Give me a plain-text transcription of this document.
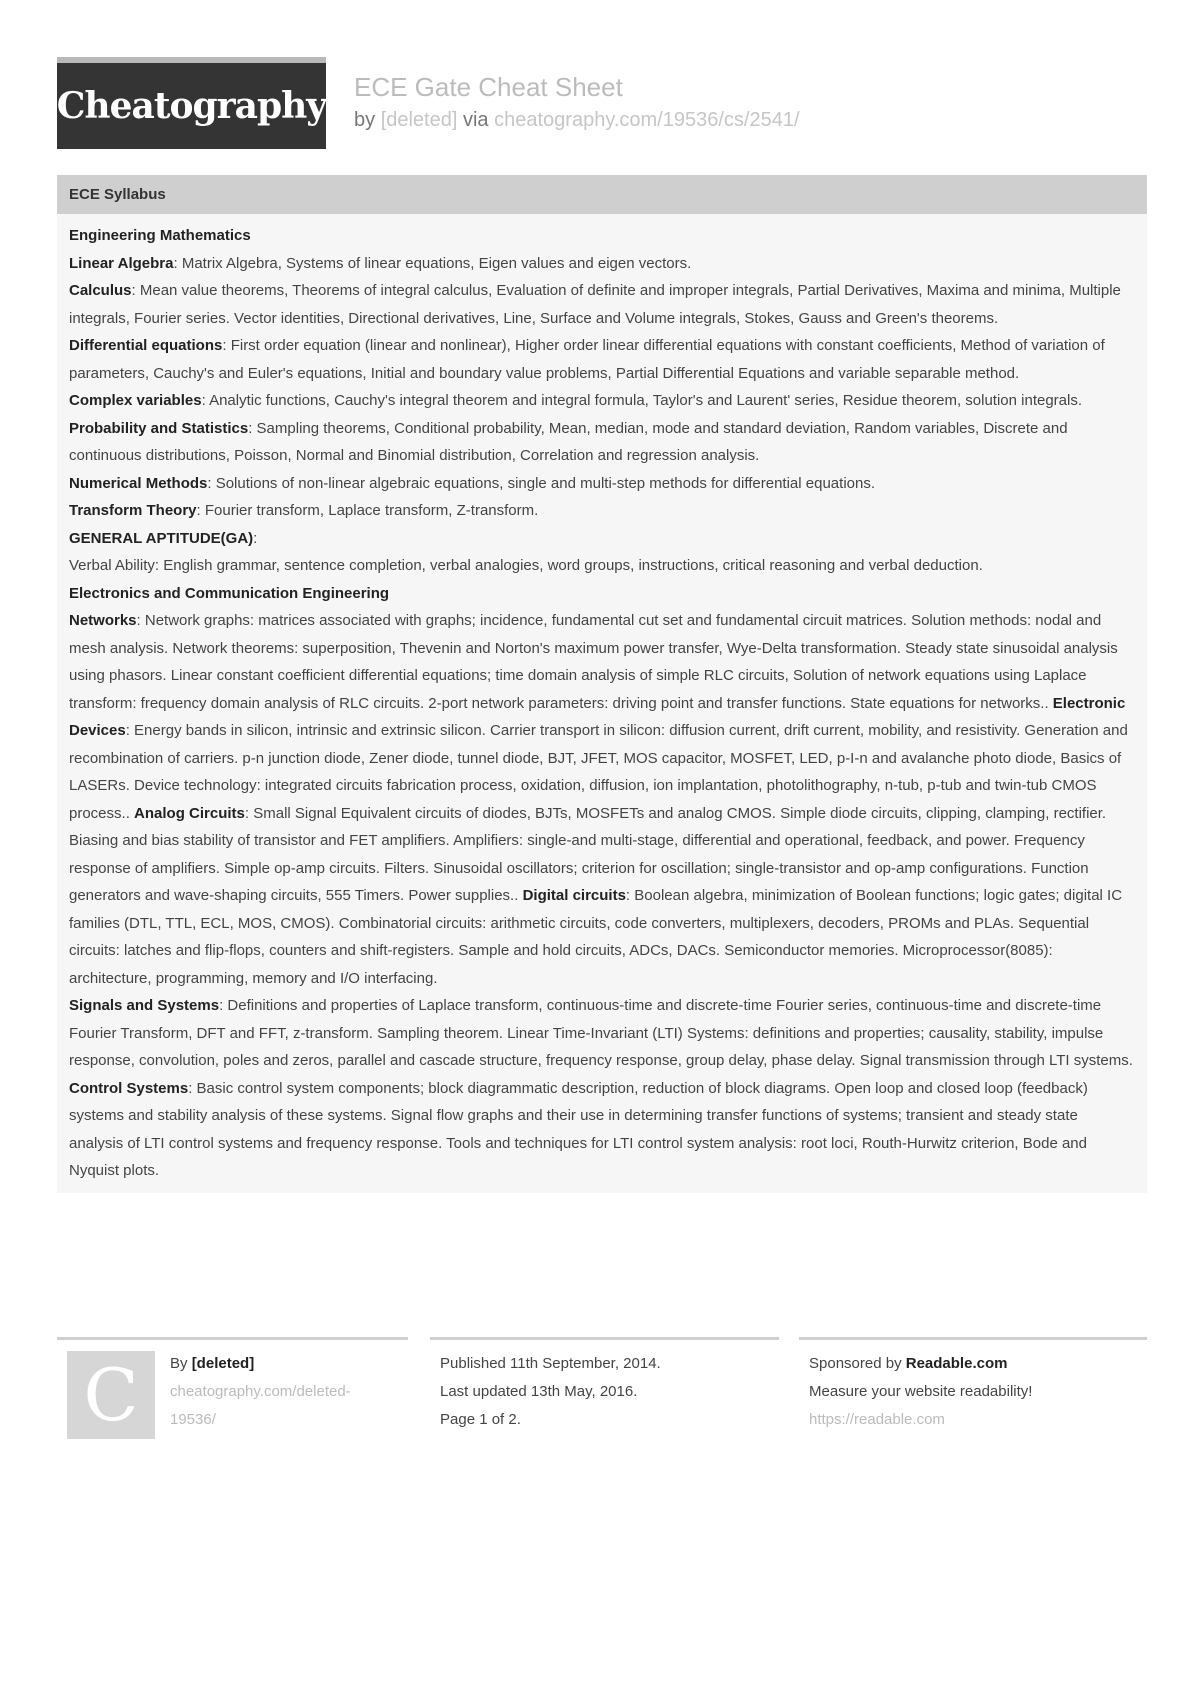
Cheatography ECE Gate Cheat Sheet
by [deleted] via cheatography.com/19536/cs/2541/
ECE Syllabus

Engineering Mathematics

Linear Algebra: Matrix Algebra, Systems of linear equations, Eigen values and eigen vectors.

Calculus: Mean value theorems, Theorems of integral calculus, Evaluation of definite and improper integrals, Partial Derivatives, Maxima and minima, Multiple integrals, Fourier series. Vector identities, Directional derivatives, Line, Surface and Volume integrals, Stokes, Gauss and Green's theorems.

Differential equations: First order equation (linear and nonlinear), Higher order linear differential equations with constant coefficients, Method of variation of parameters, Cauchy's and Euler's equations, Initial and boundary value problems, Partial Differential Equations and variable separable method.

Complex variables: Analytic functions, Cauchy's integral theorem and integral formula, Taylor's and Laurent' series, Residue theorem, solution integrals.

Probability and Statistics: Sampling theorems, Conditional probability, Mean, median, mode and standard deviation, Random variables, Discrete and continuous distributions, Poisson, Normal and Binomial distribution, Correlation and regression analysis.

Numerical Methods: Solutions of non-linear algebraic equations, single and multi-step methods for differential equations.

Transform Theory: Fourier transform, Laplace transform, Z-transform.

GENERAL APTITUDE(GA):

Verbal Ability: English grammar, sentence completion, verbal analogies, word groups, instructions, critical reasoning and verbal deduction.

Electronics and Communication Engineering

Networks: Network graphs: matrices associated with graphs; incidence, fundamental cut set and fundamental circuit matrices. Solution methods: nodal and mesh analysis. Network theorems: superposition, Thevenin and Norton's maximum power transfer, Wye-Delta transformation. Steady state sinusoidal analysis using phasors. Linear constant coefficient differential equations; time domain analysis of simple RLC circuits, Solution of network equations using Laplace transform: frequency domain analysis of RLC circuits. 2-port network parameters: driving point and transfer functions. State equations for networks.. Electronic Devices: Energy bands in silicon, intrinsic and extrinsic silicon. Carrier transport in silicon: diffusion current, drift current, mobility, and resistivity. Generation and recombination of carriers. p-n junction diode, Zener diode, tunnel diode, BJT, JFET, MOS capacitor, MOSFET, LED, p-I-n and avalanche photo diode, Basics of LASERs. Device technology: integrated circuits fabrication process, oxidation, diffusion, ion implantation, photolithography, n-tub, p-tub and twin-tub CMOS process.. Analog Circuits: Small Signal Equivalent circuits of diodes, BJTs, MOSFETs and analog CMOS. Simple diode circuits, clipping, clamping, rectifier. Biasing and bias stability of transistor and FET amplifiers. Amplifiers: single-and multi-stage, differential and operational, feedback, and power. Frequency response of amplifiers. Simple op-amp circuits. Filters. Sinusoidal oscillators; criterion for oscillation; single-transistor and op-amp configurations. Function generators and wave-shaping circuits, 555 Timers. Power supplies.. Digital circuits: Boolean algebra, minimization of Boolean functions; logic gates; digital IC families (DTL, TTL, ECL, MOS, CMOS). Combinatorial circuits: arithmetic circuits, code converters, multiplexers, decoders, PROMs and PLAs. Sequential circuits: latches and flip-flops, counters and shift-registers. Sample and hold circuits, ADCs, DACs. Semiconductor memories. Microprocessor(8085): architecture, programming, memory and I/O interfacing.

Signals and Systems: Definitions and properties of Laplace transform, continuous-time and discrete-time Fourier series, continuous-time and discrete-time Fourier Transform, DFT and FFT, z-transform. Sampling theorem. Linear Time-Invariant (LTI) Systems: definitions and properties; causality, stability, impulse response, convolution, poles and zeros, parallel and cascade structure, frequency response, group delay, phase delay. Signal transmission through LTI systems.

Control Systems: Basic control system components; block diagrammatic description, reduction of block diagrams. Open loop and closed loop (feedback) systems and stability analysis of these systems. Signal flow graphs and their use in determining transfer functions of systems; transient and steady state analysis of LTI control systems and frequency response. Tools and techniques for LTI control system analysis: root loci, Routh-Hurwitz criterion, Bode and Nyquist plots.

C By [deleted]
cheatography.com/deleted-
19536/
Published 11th September, 2014.
Last updated 13th May, 2016.
Page 1 of 2.
Sponsored by Readable.com
Measure your website readability!
https://readable.com
